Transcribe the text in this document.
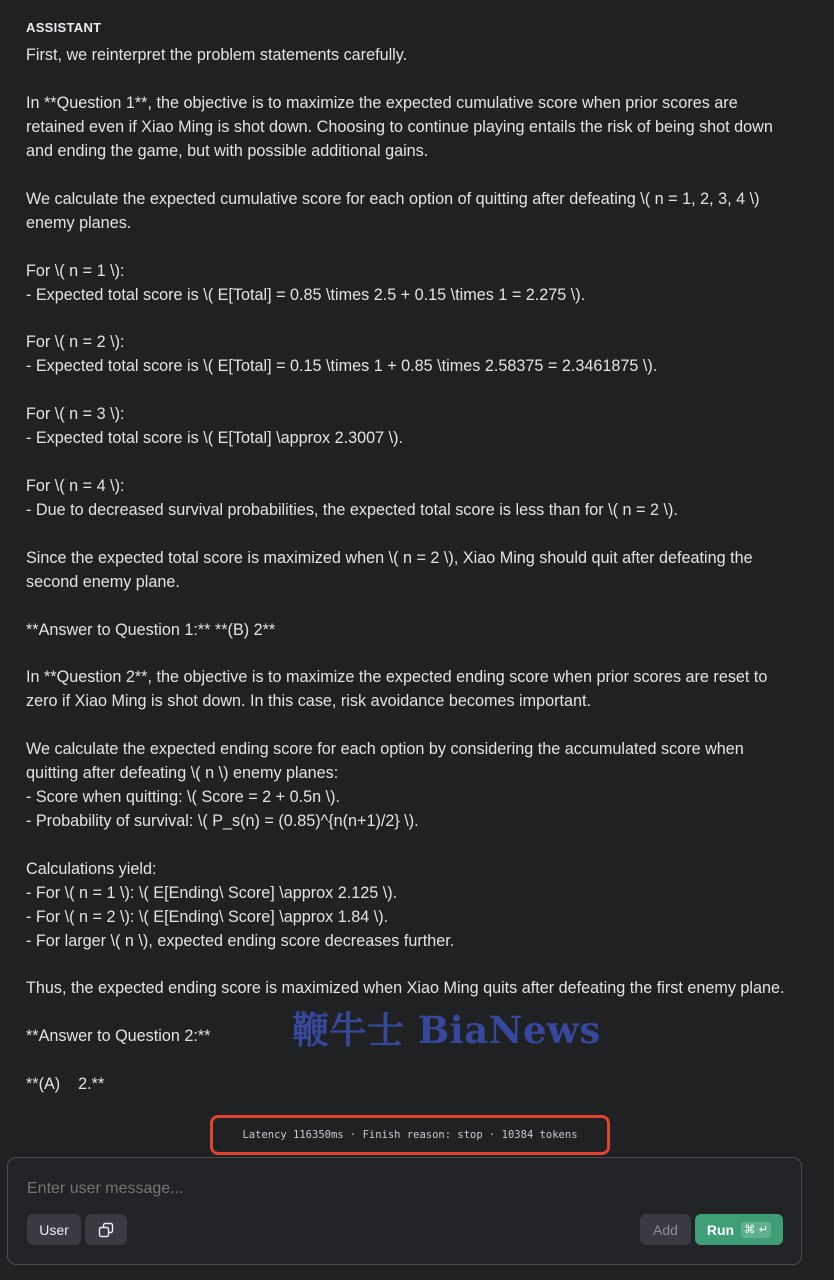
ASSISTANT
First, we reinterpret the problem statements carefully.
In **Question 1**, the objective is to maximize the expected cumulative score when prior scores are
retained even if Xiao Ming is shot down. Choosing to continue playing entails the risk of being shot down
and ending the game, but with possible additional gains.
We calculate the expected cumulative score for each option of quitting after defeating \( n = 1, 2, 3, 4 \)
enemy planes.
For \( n = 1 \):
- Expected total score is \( E[Total] = 0.85 \times 2.5 + 0.15 \times 1 = 2.275 \).
For \( n = 2 \):
- Expected total score is \( E[Total] = 0.15 \times 1 + 0.85 \times 2.58375 = 2.3461875 \).
For \( n = 3 \):
- Expected total score is \( E[Total] \approx 2.3007 \).
For \( n = 4 \):
- Due to decreased survival probabilities, the expected total score is less than for \( n = 2 \).
Since the expected total score is maximized when \( n = 2 \), Xiao Ming should quit after defeating the
second enemy plane.
**Answer to Question 1:** **(B) 2**
In **Question 2**, the objective is to maximize the expected ending score when prior scores are reset to
zero if Xiao Ming is shot down. In this case, risk avoidance becomes important.
We calculate the expected ending score for each option by considering the accumulated score when
quitting after defeating \( n \) enemy planes:
- Score when quitting: \( Score = 2 + 0.5n \).
- Probability of survival: \( P_s(n) = (0.85)^{n(n+1)/2} \).
Calculations yield:
- For \( n = 1 \): \( E[Ending\ Score] \approx 2.125 \).
- For \( n = 2 \): \( E[Ending\ Score] \approx 1.84 \).
- For larger \( n \), expected ending score decreases further.
Thus, the expected ending score is maximized when Xiao Ming quits after defeating the first enemy plane.
**Answer to Question 2:**
**(A)    2.**
鞭牛士 BiaNews
Latency 116350ms · Finish reason: stop · 10384 tokens
Enter user message...
User	Add	Run ⌘ ↵
